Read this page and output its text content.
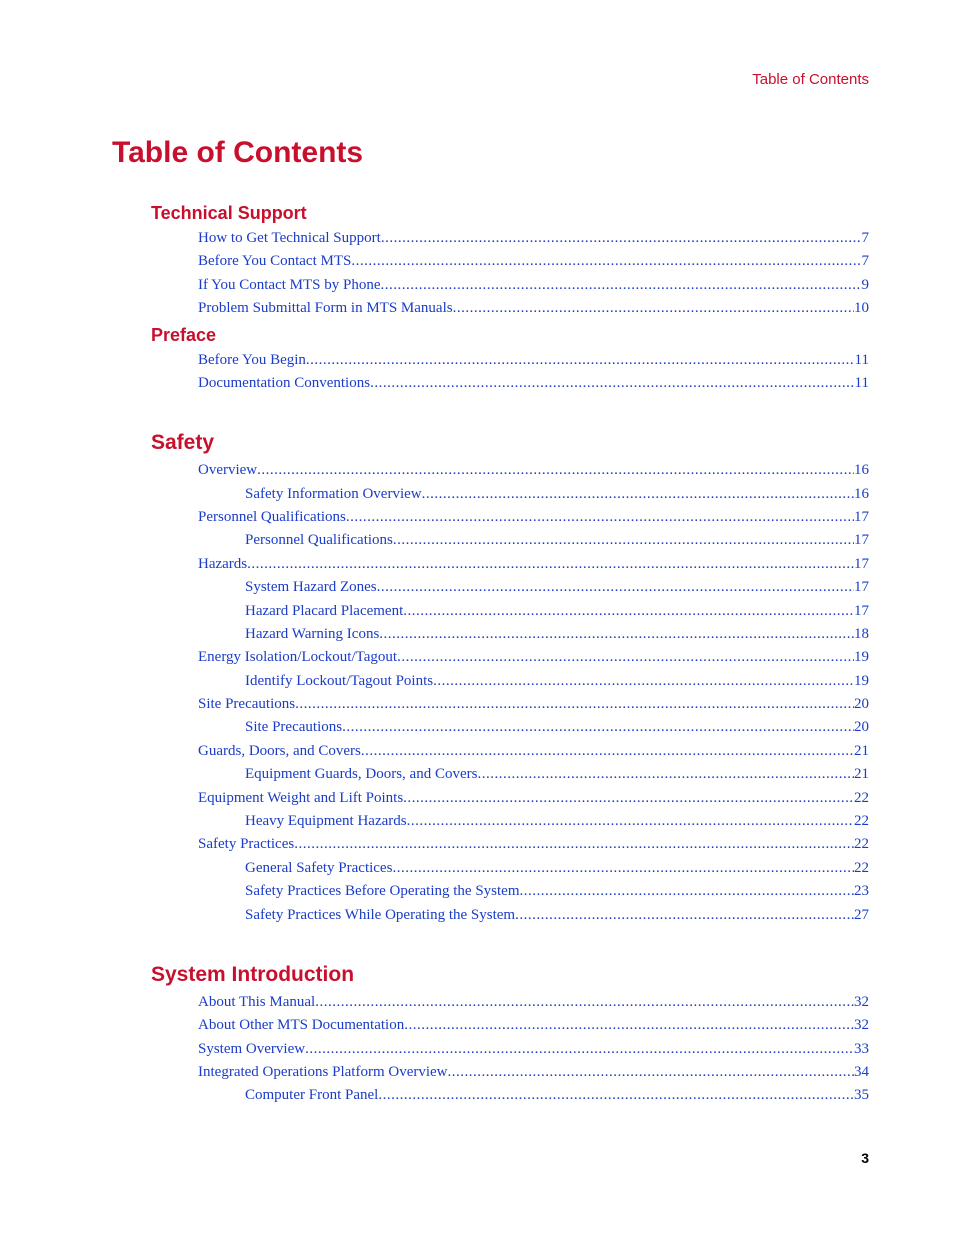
Table of Contents
Table of Contents
Technical Support
How to Get Technical Support .....	7
Before You Contact MTS .....	7
If You Contact MTS by Phone .....	9
Problem Submittal Form in MTS Manuals .....	10
Preface
Before You Begin .....	11
Documentation Conventions .....	11
Safety
Overview .....	16
Safety Information Overview .....	16
Personnel Qualifications .....	17
Personnel Qualifications .....	17
Hazards .....	17
System Hazard Zones .....	17
Hazard Placard Placement .....	17
Hazard Warning Icons .....	18
Energy Isolation/Lockout/Tagout .....	19
Identify Lockout/Tagout Points .....	19
Site Precautions .....	20
Site Precautions .....	20
Guards, Doors, and Covers .....	21
Equipment Guards, Doors, and Covers .....	21
Equipment Weight and Lift Points .....	22
Heavy Equipment Hazards .....	22
Safety Practices .....	22
General Safety Practices .....	22
Safety Practices Before Operating the System .....	23
Safety Practices While Operating the System .....	27
System Introduction
About This Manual .....	32
About Other MTS Documentation .....	32
System Overview .....	33
Integrated Operations Platform Overview .....	34
Computer Front Panel .....	35
3
